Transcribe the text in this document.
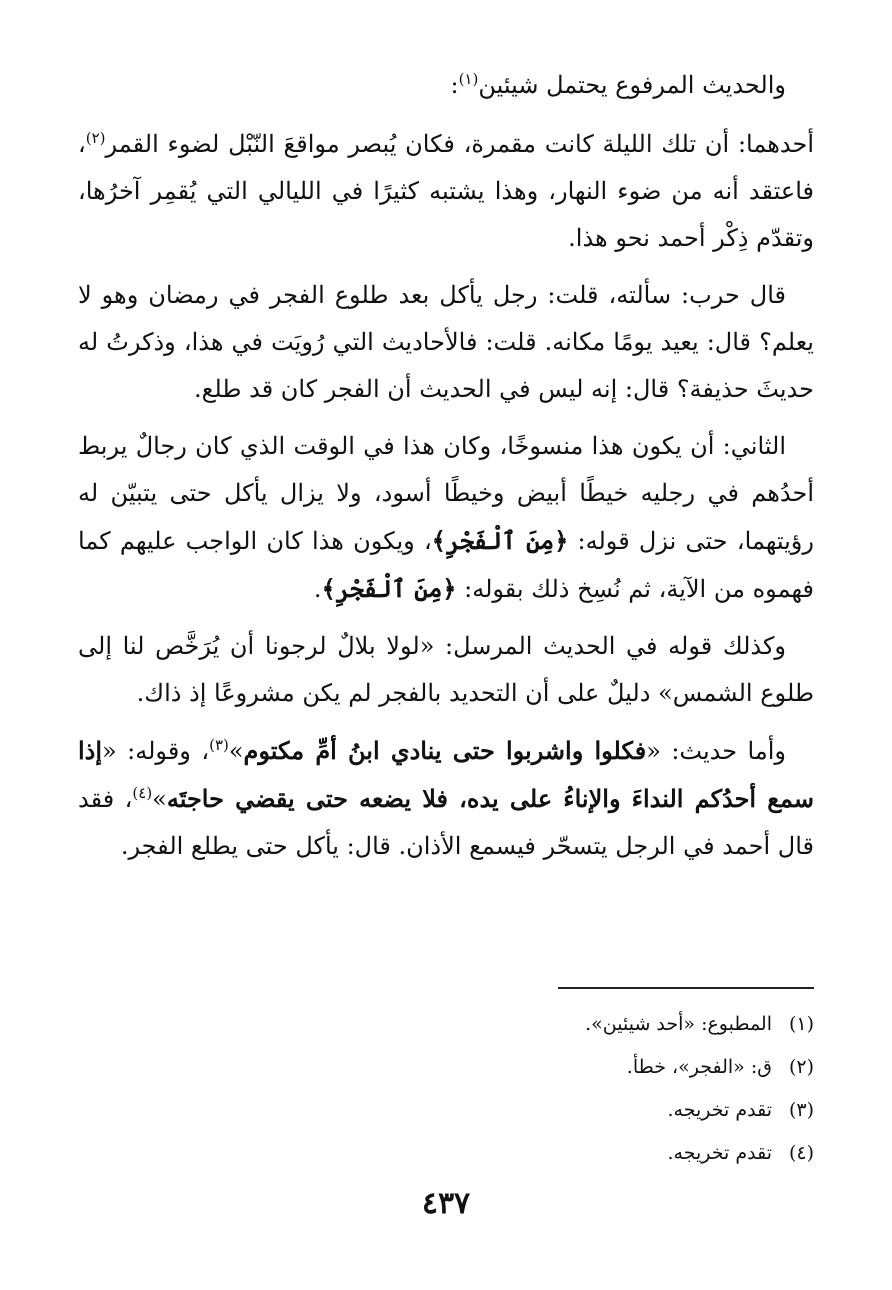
والحديث المرفوع يحتمل شيئين$^{(١)}$:

أحدهما: أن تلك الليلة كانت مقمرة، فكان يُبصر مواقعَ النّبْل لضوء القمر$^{(٢)}$، فاعتقد أنه من ضوء النهار، وهذا يشتبه كثيرًا في الليالي التي يُقمِر آخرُها، وتقدّم ذِكْر أحمد نحو هذا.

قال حرب: سألته، قلت: رجل يأكل بعد طلوع الفجر في رمضان وهو لا يعلم؟ قال: يعيد يومًا مكانه. قلت: فالأحاديث التي رُويَت في هذا، وذكرتُ له حديثَ حذيفة؟ قال: إنه ليس في الحديث أن الفجر كان قد طلع.

الثاني: أن يكون هذا منسوخًا، وكان هذا في الوقت الذي كان رجالٌ يربط أحدُهم في رجليه خيطًا أبيض وخيطًا أسود، ولا يزال يأكل حتى يتبيّن له رؤيتهما، حتى نزل قوله: ﴿مِنَ ٱلْفَجْرِ﴾، ويكون هذا كان الواجب عليهم كما فهموه من الآية، ثم نُسِخ ذلك بقوله: ﴿مِنَ ٱلْفَجْرِ﴾.

وكذلك قوله في الحديث المرسل: «لولا بلالٌ لرجونا أن يُرَخَّص لنا إلى طلوع الشمس» دليلٌ على أن التحديد بالفجر لم يكن مشروعًا إذ ذاك.

وأما حديث: «فكلوا واشربوا حتى ينادي ابنُ أمِّ مكتوم»$^{(٣)}$، وقوله: «إذا سمع أحدُكم النداءَ والإناءُ على يده، فلا يضعه حتى يقضي حاجتَه»$^{(٤)}$، فقد قال أحمد في الرجل يتسحّر فيسمع الأذان. قال: يأكل حتى يطلع الفجر.

(١)المطبوع: «أحد شيئين».
(٢)ق: «الفجر»، خطأ.
(٣)تقدم تخريجه.
(٤)تقدم تخريجه.
٤٣٧
